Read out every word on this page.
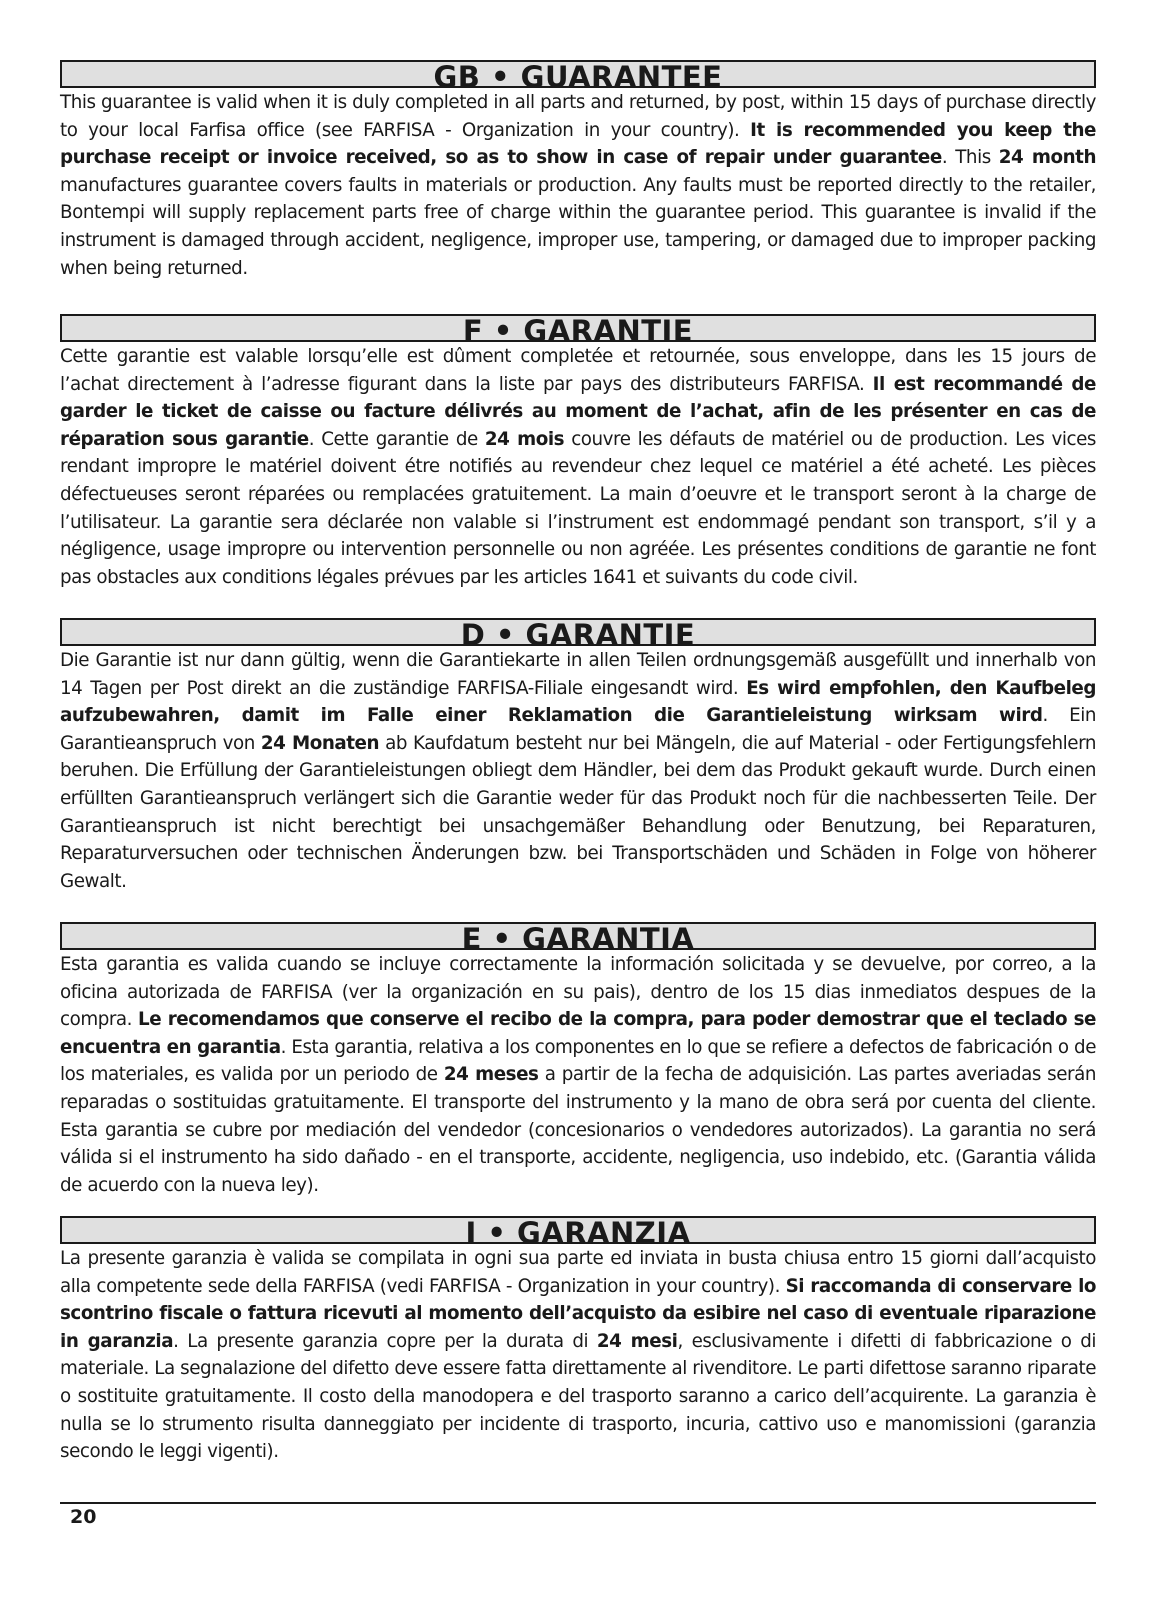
GB • GUARANTEE
This guarantee is valid when it is duly completed in all parts and returned, by post, within 15 days of purchase directly to your local Farfisa office (see FARFISA - Organization in your country). It is recommended you keep the purchase receipt or invoice received, so as to show in case of repair under guarantee. This 24 month manufactures guarantee covers faults in materials or production. Any faults must be reported directly to the retailer, Bontempi will supply replacement parts free of charge within the guarantee period. This guarantee is invalid if the instrument is damaged through accident, negligence, improper use, tampering, or damaged due to improper packing when being returned.
F • GARANTIE
Cette garantie est valable lorsqu’elle est dûment completée et retournée, sous enveloppe, dans les 15 jours de l’achat directement à l’adresse figurant dans la liste par pays des distributeurs FARFISA. Il est recommandé de garder le ticket de caisse ou facture délivrés au moment de l’achat, afin de les présenter en cas de réparation sous garantie. Cette garantie de 24 mois couvre les défauts de matériel ou de production. Les vices rendant impropre le matériel doivent étre notifiés au revendeur chez lequel ce matériel a été acheté. Les pièces défectueuses seront réparées ou remplacées gratuitement. La main d’oeuvre et le transport seront à la charge de l’utilisateur. La garantie sera déclarée non valable si l’instrument est endommagé pendant son transport, s’il y a négligence, usage impropre ou intervention personnelle ou non agréée. Les présentes conditions de garantie ne font pas obstacles aux conditions légales prévues par les articles 1641 et suivants du code civil.
D • GARANTIE
Die Garantie ist nur dann gültig, wenn die Garantiekarte in allen Teilen ordnungsgemäß ausgefüllt und innerhalb von 14 Tagen per Post direkt an die zuständige FARFISA-Filiale eingesandt wird. Es wird empfohlen, den Kaufbeleg aufzubewahren, damit im Falle einer Reklamation die Garantieleistung wirksam wird. Ein Garantieanspruch von 24 Monaten ab Kaufdatum besteht nur bei Mängeln, die auf Material - oder Fertigungsfehlern beruhen. Die Erfüllung der Garantieleistungen obliegt dem Händler, bei dem das Produkt gekauft wurde. Durch einen erfüllten Garantieanspruch verlängert sich die Garantie weder für das Produkt noch für die nachbesserten Teile. Der Garantieanspruch ist nicht berechtigt bei unsachgemäßer Behandlung oder Benutzung, bei Reparaturen, Reparaturversuchen oder technischen Änderungen bzw. bei Transportschäden und Schäden in Folge von höherer Gewalt.
E • GARANTIA
Esta garantia es valida cuando se incluye correctamente la información solicitada y se devuelve, por correo, a la oficina autorizada de FARFISA (ver la organización en su pais), dentro de los 15 dias inmediatos despues de la compra. Le recomendamos que conserve el recibo de la compra, para poder demostrar que el teclado se encuentra en garantia. Esta garantia, relativa a los componentes en lo que se refiere a defectos de fabricación o de los materiales, es valida por un periodo de 24 meses a partir de la fecha de adquisición. Las partes averiadas serán reparadas o sostituidas gratuitamente. El transporte del instrumento y la mano de obra será por cuenta del cliente. Esta garantia se cubre por mediación del vendedor (concesionarios o vendedores autorizados). La garantia no será válida si el instrumento ha sido dañado - en el transporte, accidente, negligencia, uso indebido, etc. (Garantia válida de acuerdo con la nueva ley).
I • GARANZIA
La presente garanzia è valida se compilata in ogni sua parte ed inviata in busta chiusa entro 15 giorni dall’acquisto alla competente sede della FARFISA (vedi FARFISA - Organization in your country). Si raccomanda di conservare lo scontrino fiscale o fattura ricevuti al momento dell’acquisto da esibire nel caso di eventuale riparazione in garanzia. La presente garanzia copre per la durata di 24 mesi, esclusivamente i difetti di fabbricazione o di materiale. La segnalazione del difetto deve essere fatta direttamente al rivenditore. Le parti difettose saranno riparate o sostituite gratuitamente. Il costo della manodopera e del trasporto saranno a carico dell’acquirente. La garanzia è nulla se lo strumento risulta danneggiato per incidente di trasporto, incuria, cattivo uso e manomissioni (garanzia secondo le leggi vigenti).
20
